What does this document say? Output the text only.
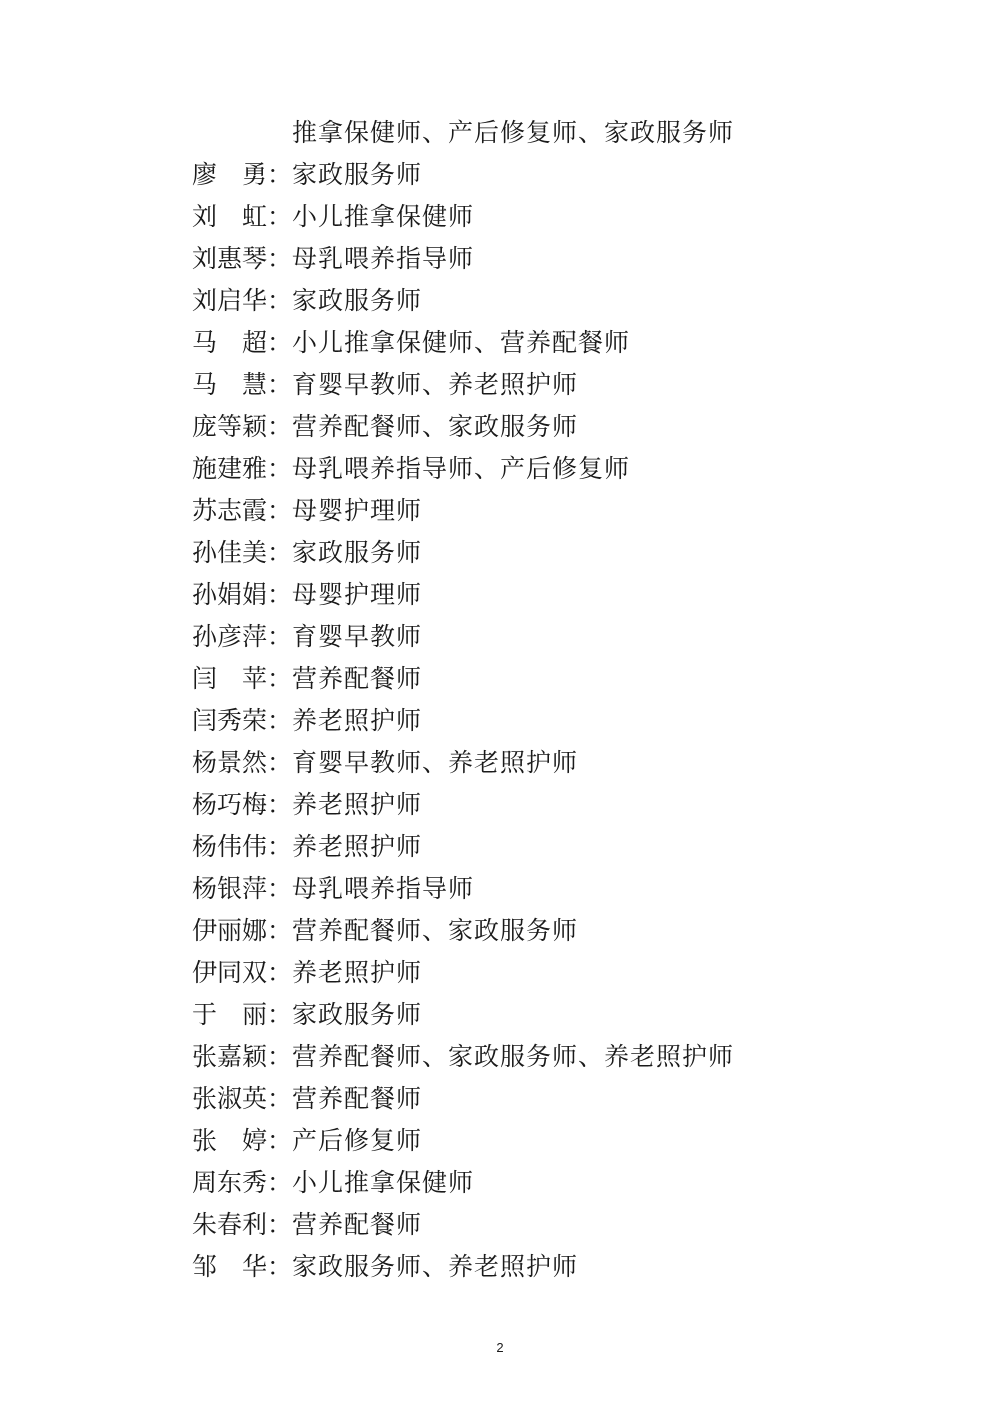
推拿保健师、产后修复师、家政服务师
廖　勇： 家政服务师
刘　虹： 小儿推拿保健师
刘惠琴： 母乳喂养指导师
刘启华： 家政服务师
马　超： 小儿推拿保健师、营养配餐师
马　慧： 育婴早教师、养老照护师
庞等颖： 营养配餐师、家政服务师
施建雅： 母乳喂养指导师、产后修复师
苏志霞： 母婴护理师
孙佳美： 家政服务师
孙娟娟： 母婴护理师
孙彦萍： 育婴早教师
闫　苹： 营养配餐师
闫秀荣： 养老照护师
杨景然： 育婴早教师、养老照护师
杨巧梅： 养老照护师
杨伟伟： 养老照护师
杨银萍： 母乳喂养指导师
伊丽娜： 营养配餐师、家政服务师
伊同双： 养老照护师
于　丽： 家政服务师
张嘉颖： 营养配餐师、家政服务师、养老照护师
张淑英： 营养配餐师
张　婷： 产后修复师
周东秀： 小儿推拿保健师
朱春利： 营养配餐师
邹　华： 家政服务师、养老照护师
2
